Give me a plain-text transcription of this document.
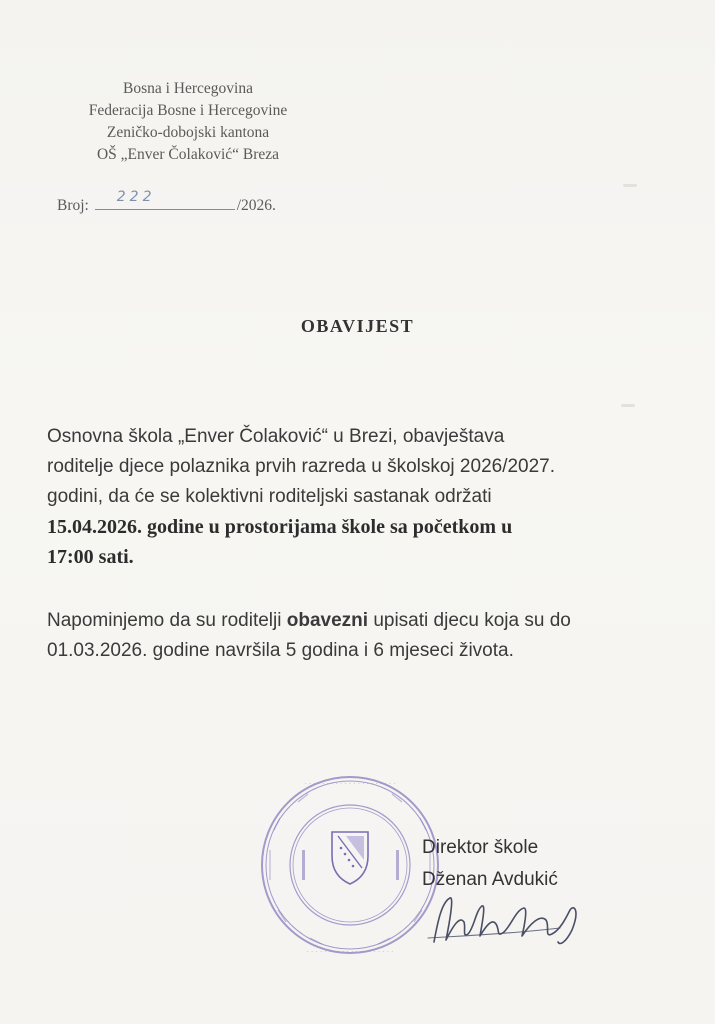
Bosna i Hercegovina
Federacija Bosne i Hercegovine
Zeničko-dobojski kantona
OŠ „Enver Čolaković“ Breza
Broj: 222	/2026.
OBAVIJEST
Osnovna škola „Enver Čolaković“ u Brezi, obavještava
roditelje djece polaznika prvih razreda u školskoj 2026/2027.
godini, da će se kolektivni roditeljski sastanak održati
15.04.2026. godine u prostorijama škole sa početkom u
17:00 sati.
Napominjemo da su roditelji obavezni upisati djecu koja su do
01.03.2026. godine navršila 5 godina i 6 mjeseci života.
· · · · · · · · · · · · · · · · · · · · ·
· · · · · · · · · · · · · · · · · · · ·
Direktor škole
Dženan Avdukić
